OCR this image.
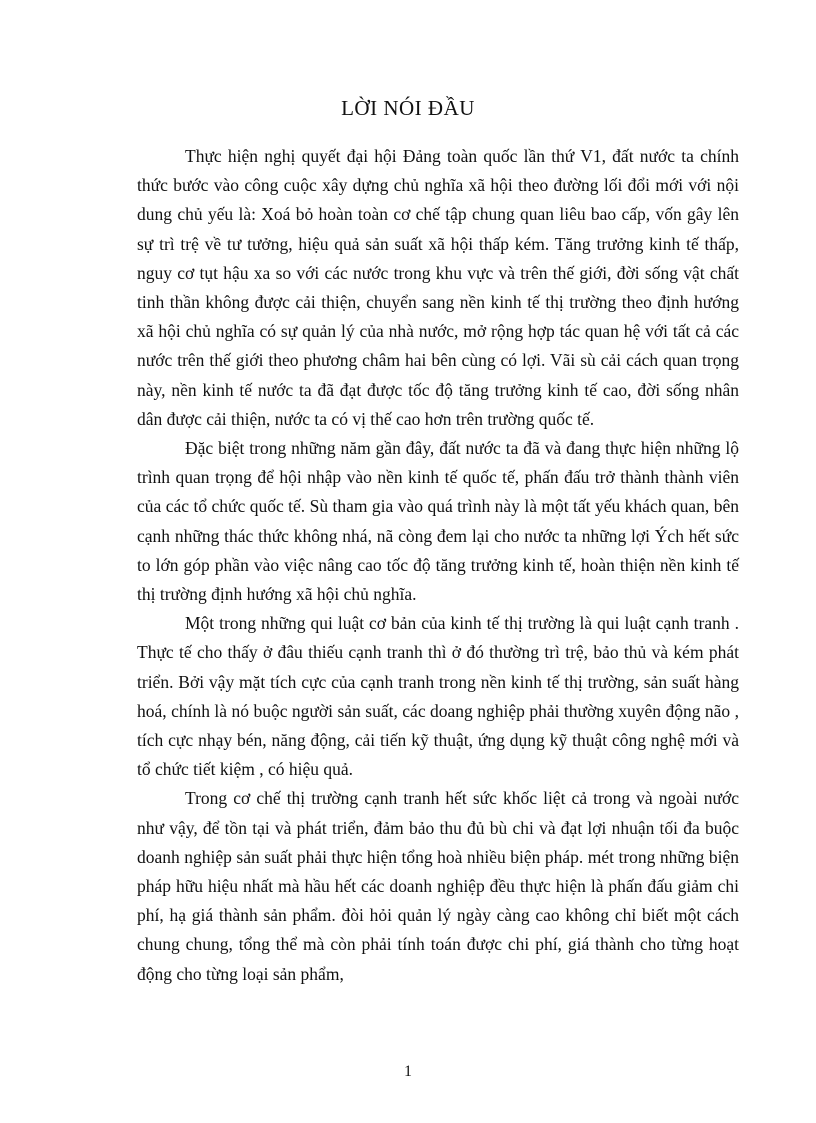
LỜI NÓI ĐẦU

Thực hiện nghị quyết đại hội Đảng toàn quốc lần thứ V1, đất nước ta chính thức bước vào công cuộc xây dựng chủ nghĩa xã hội theo đường lối đổi mới với nội dung chủ yếu là: Xoá bỏ hoàn toàn cơ chế tập chung quan liêu bao cấp, vốn gây lên sự trì trệ về tư tưởng, hiệu quả sản suất xã hội thấp kém. Tăng trưởng kinh tế thấp, nguy cơ tụt hậu xa so với các nước trong khu vực và trên thế giới, đời sống vật chất tinh thần không được cải thiện, chuyển sang nền kinh tế thị trường theo định hướng xã hội chủ nghĩa có sự quản lý của nhà nước, mở rộng hợp tác quan hệ với tất cả các nước trên thế giới theo phương châm hai bên cùng có lợi. Vãi sù cải cách quan trọng này, nền kinh tế nước ta đã đạt được tốc độ tăng trưởng kinh tế cao, đời sống nhân dân được cải thiện, nước ta có vị thế cao hơn trên trường quốc tế.

Đặc biệt trong những năm gần đây, đất nước ta đã và đang thực hiện những lộ trình quan trọng để hội nhập vào nền kinh tế quốc tế, phấn đấu trở thành thành viên của các tổ chức quốc tế. Sù tham gia vào quá trình này là một tất yếu khách quan, bên cạnh những thác thức không nhá, nã còng đem lại cho nước ta những lợi Ých hết sức to lớn góp phần vào việc nâng cao tốc độ tăng trưởng kinh tế, hoàn thiện nền kinh tế thị trường định hướng xã hội chủ nghĩa.

Một trong những qui luật cơ bản của kinh tế thị trường là qui luật cạnh tranh . Thực tế cho thấy ở đâu thiếu cạnh tranh thì ở đó thường trì trệ, bảo thủ và kém phát triển. Bởi vậy mặt tích cực của cạnh tranh trong nền kinh tế thị trường, sản suất hàng hoá, chính là nó buộc người sản suất, các doang nghiệp phải thường xuyên động não , tích cực nhạy bén, năng động, cải tiến kỹ thuật, ứng dụng kỹ thuật công nghệ mới và tổ chức tiết kiệm , có hiệu quả.

Trong cơ chế thị trường cạnh tranh hết sức khốc liệt cả trong và ngoài nước như vậy, để tồn tại và phát triển, đảm bảo thu đủ bù chi và đạt lợi nhuận tối đa buộc doanh nghiệp sản suất phải thực hiện tổng hoà nhiều biện pháp. mét trong những biện pháp hữu hiệu nhất mà hầu hết các doanh nghiệp đều thực hiện là phấn đấu giảm chi phí, hạ giá thành sản phẩm. đòi hỏi quản lý ngày càng cao không chỉ biết một cách chung chung, tổng thể mà còn phải tính toán được chi phí, giá thành cho từng hoạt động cho từng loại sản phẩm,

1
